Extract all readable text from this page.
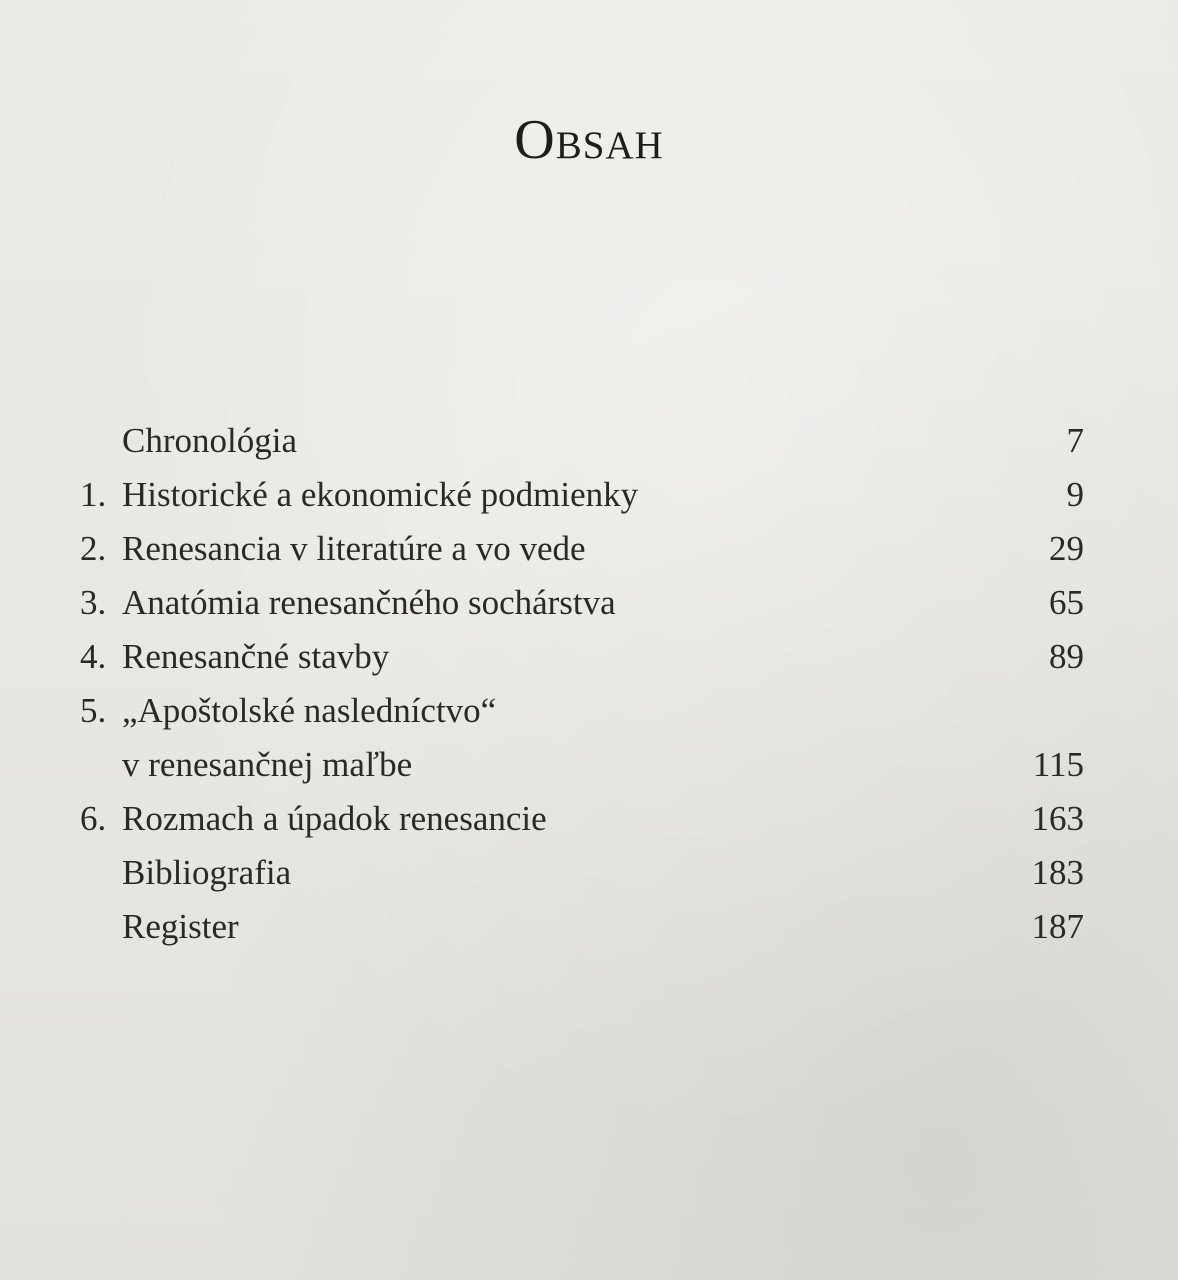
Obsah
Chronológia	7
1. Historické a ekonomické podmienky	9
2. Renesancia v literatúre a vo vede	29
3. Anatómia renesančného sochárstva	65
4. Renesančné stavby	89
5. „Apoštolské nasledníctvo“
v renesančnej maľbe	115
6. Rozmach a úpadok renesancie	163
Bibliografia	183
Register	187
